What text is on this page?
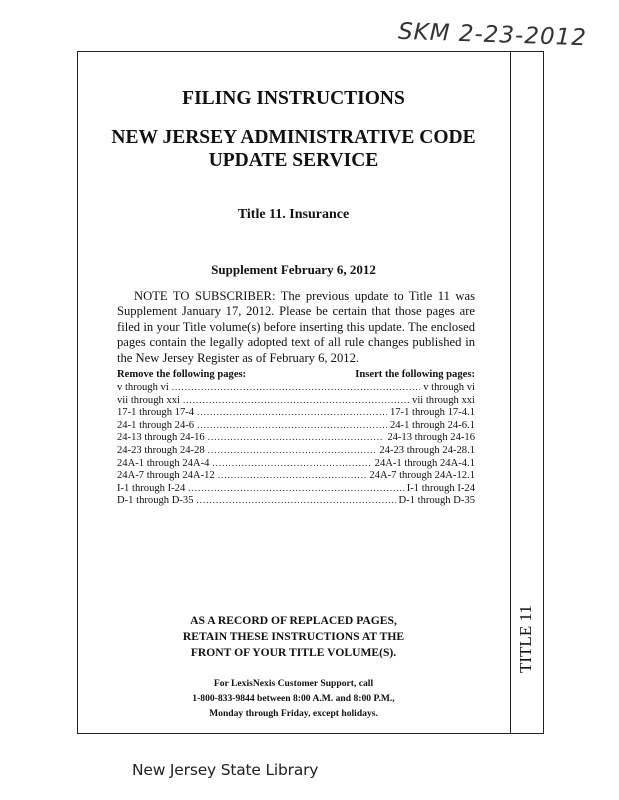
SKM 2-23-2012
TITLE 11
FILING INSTRUCTIONS
NEW JERSEY ADMINISTRATIVE CODE
UPDATE SERVICE
Title 11. Insurance
Supplement February 6, 2012

NOTE TO SUBSCRIBER: The previous update to Title 11 was Supplement January 17, 2012. Please be certain that those pages are filed in your Title volume(s) before inserting this update. The enclosed pages contain the legally adopted text of all rule changes published in the New Jersey Register as of February 6, 2012.

Remove the following pages:	Insert the following pages:
v through vi .....	v through vi
vii through xxi .....	vii through xxi
17-1 through 17-4 .....	17-1 through 17-4.1
24-1 through 24-6 .....	24-1 through 24-6.1
24-13 through 24-16 .....	24-13 through 24-16
24-23 through 24-28 .....	24-23 through 24-28.1
24A-1 through 24A-4 .....	24A-1 through 24A-4.1
24A-7 through 24A-12 .....	24A-7 through 24A-12.1
I-1 through I-24 .....	I-1 through I-24
D-1 through D-35 .....	D-1 through D-35
AS A RECORD OF REPLACED PAGES,
RETAIN THESE INSTRUCTIONS AT THE
FRONT OF YOUR TITLE VOLUME(S).
For LexisNexis Customer Support, call
1-800-833-9844 between 8:00 A.M. and 8:00 P.M.,
Monday through Friday, except holidays.
New Jersey State Library
